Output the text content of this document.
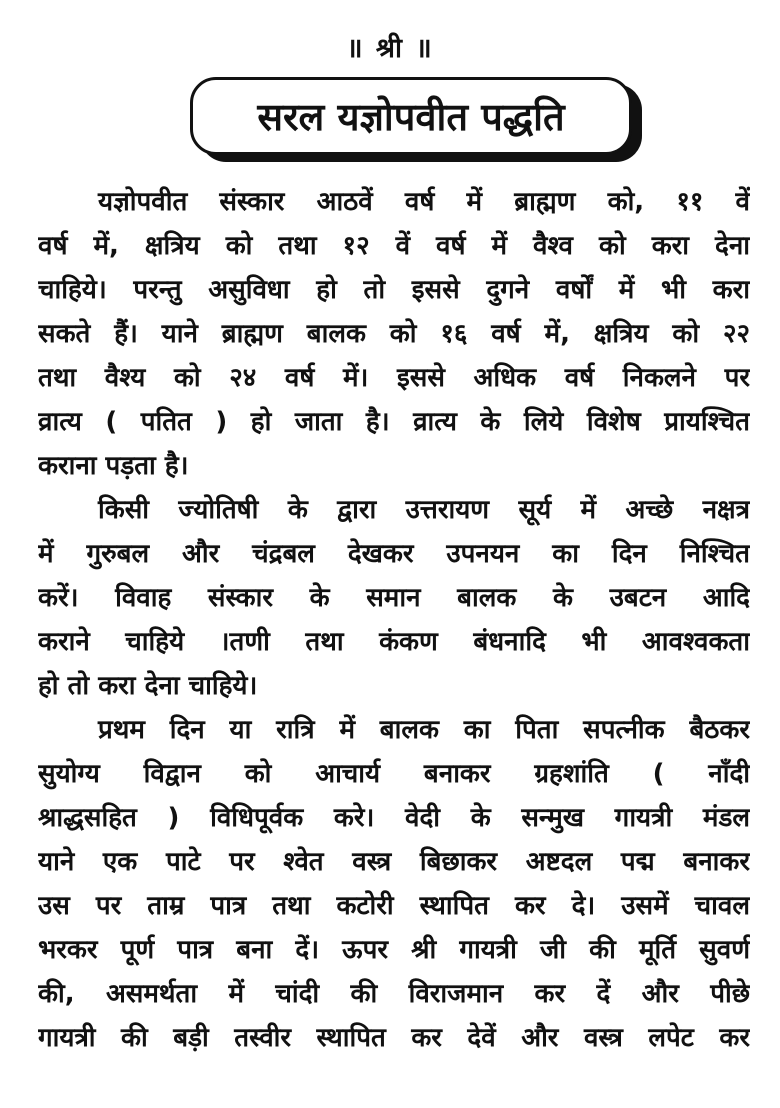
॥ श्री ॥
सरल यज्ञोपवीत पद्धति
यज्ञोपवीत संस्कार आठवें वर्ष में ब्राह्मण को, ११ वें
वर्ष में, क्षत्रिय को तथा १२ वें वर्ष में वैश्व को करा देना
चाहिये। परन्तु असुविधा हो तो इससे दुगने वर्षों में भी करा
सकते हैं। याने ब्राह्मण बालक को १६ वर्ष में, क्षत्रिय को २२
तथा वैश्य को २४ वर्ष में। इससे अधिक वर्ष निकलने पर
व्रात्य ( पतित ) हो जाता है। व्रात्य के लिये विशेष प्रायश्चित
कराना पड़ता है।
किसी ज्योतिषी के द्वारा उत्तरायण सूर्य में अच्छे नक्षत्र
में गुरुबल और चंद्रबल देखकर उपनयन का दिन निश्चित
करें। विवाह संस्कार के समान बालक के उबटन आदि
कराने चाहिये ।तणी तथा कंकण बंधनादि भी आवश्वकता
हो तो करा देना चाहिये।
प्रथम दिन या रात्रि में बालक का पिता सपत्नीक बैठकर
सुयोग्य विद्वान को आचार्य बनाकर ग्रहशांति ( नाँदी
श्राद्धसहित ) विधिपूर्वक करे। वेदी के सन्मुख गायत्री मंडल
याने एक पाटे पर श्वेत वस्त्र बिछाकर अष्टदल पद्म बनाकर
उस पर ताम्र पात्र तथा कटोरी स्थापित कर दे। उसमें चावल
भरकर पूर्ण पात्र बना दें। ऊपर श्री गायत्री जी की मूर्ति सुवर्ण
की, असमर्थता में चांदी की विराजमान कर दें और पीछे
गायत्री की बड़ी तस्वीर स्थापित कर देवें और वस्त्र लपेट कर
